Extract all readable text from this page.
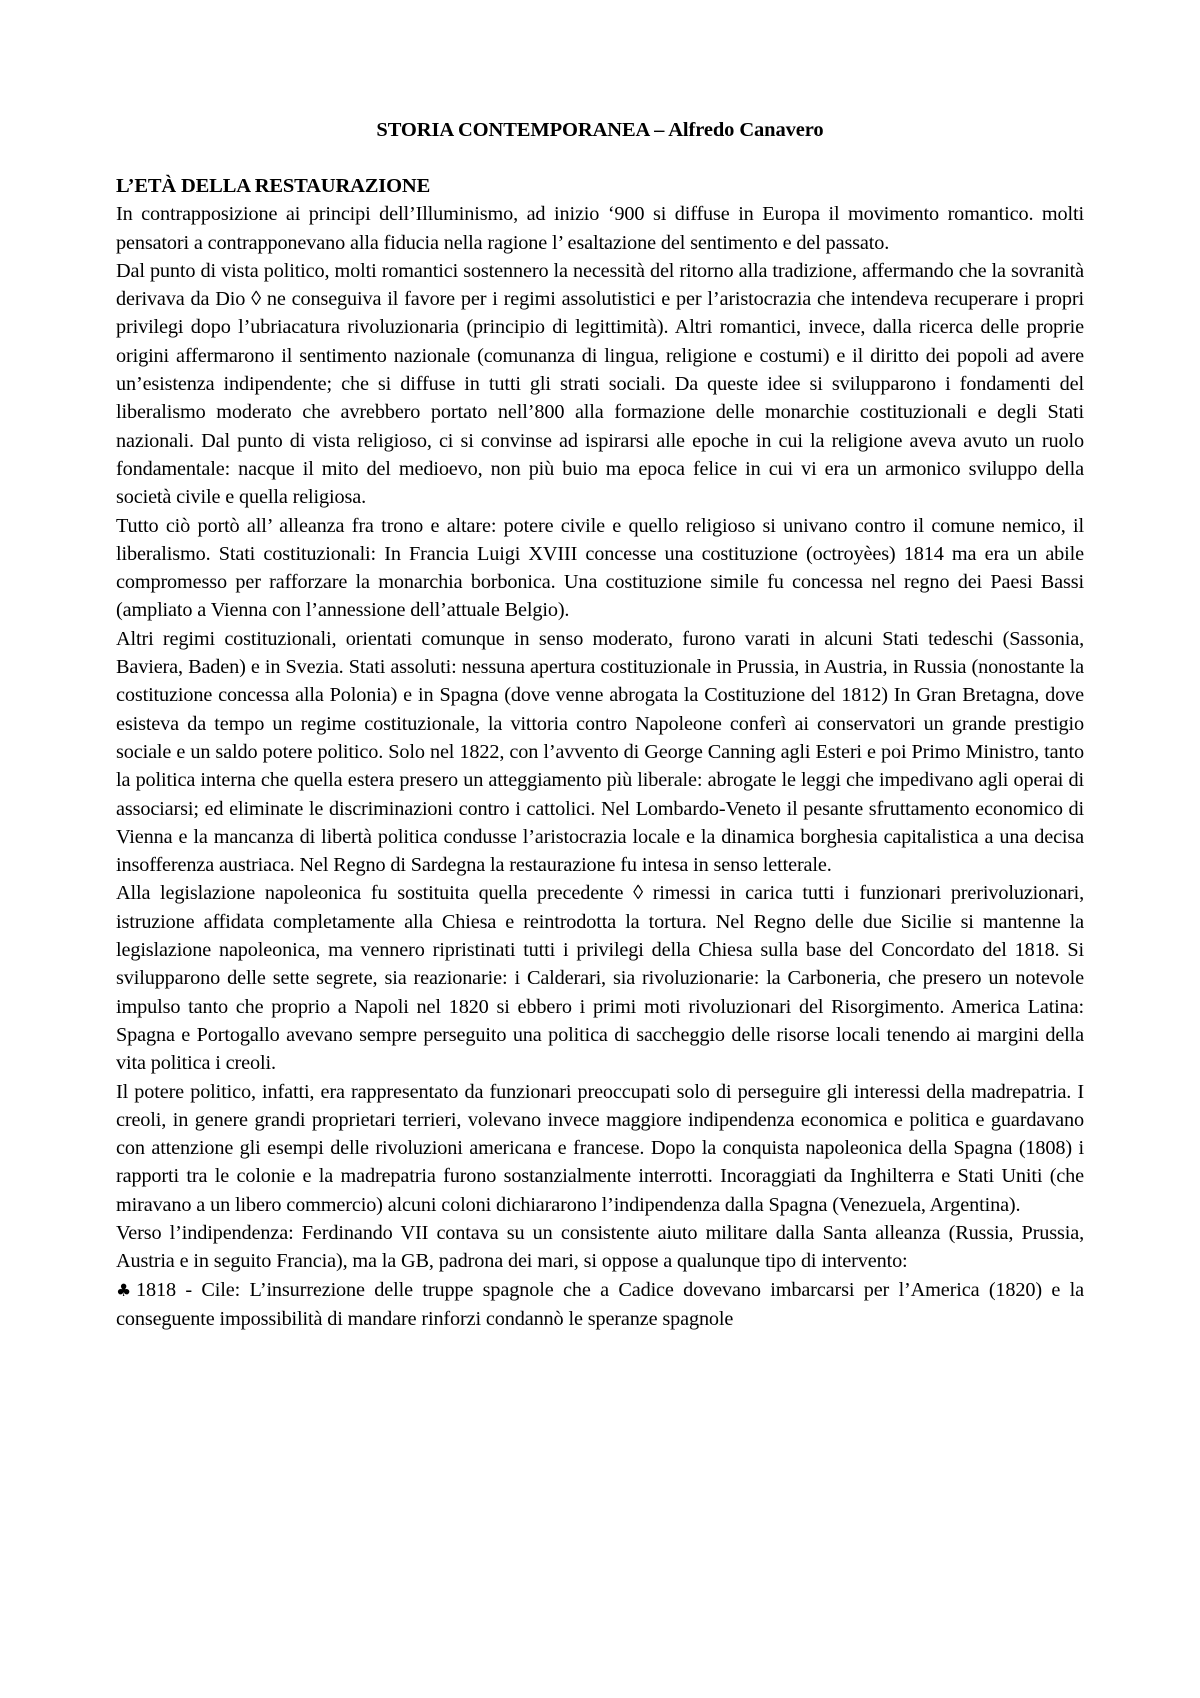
STORIA CONTEMPORANEA – Alfredo Canavero

L’ETÀ DELLA RESTAURAZIONE

In contrapposizione ai principi dell’Illuminismo, ad inizio ‘900 si diffuse in Europa il movimento romantico. molti pensatori a contrapponevano alla fiducia nella ragione l’ esaltazione del sentimento e del passato.

Dal punto di vista politico, molti romantici sostennero la necessità del ritorno alla tradizione, affermando che la sovranità derivava da Dio ◊ ne conseguiva il favore per i regimi assolutistici e per l’aristocrazia che intendeva recuperare i propri privilegi dopo l’ubriacatura rivoluzionaria (principio di legittimità). Altri romantici, invece, dalla ricerca delle proprie origini affermarono il sentimento nazionale (comunanza di lingua, religione e costumi) e il diritto dei popoli ad avere un’esistenza indipendente; che si diffuse in tutti gli strati sociali. Da queste idee si svilupparono i fondamenti del liberalismo moderato che avrebbero portato nell’800 alla formazione delle monarchie costituzionali e degli Stati nazionali. Dal punto di vista religioso, ci si convinse ad ispirarsi alle epoche in cui la religione aveva avuto un ruolo fondamentale: nacque il mito del medioevo, non più buio ma epoca felice in cui vi era un armonico sviluppo della società civile e quella religiosa.

Tutto ciò portò all’ alleanza fra trono e altare: potere civile e quello religioso si univano contro il comune nemico, il liberalismo. Stati costituzionali: In Francia Luigi XVIII concesse una costituzione (octroyèes) 1814 ma era un abile compromesso per rafforzare la monarchia borbonica. Una costituzione simile fu concessa nel regno dei Paesi Bassi (ampliato a Vienna con l’annessione dell’attuale Belgio).

Altri regimi costituzionali, orientati comunque in senso moderato, furono varati in alcuni Stati tedeschi (Sassonia, Baviera, Baden) e in Svezia. Stati assoluti: nessuna apertura costituzionale in Prussia, in Austria, in Russia (nonostante la costituzione concessa alla Polonia) e in Spagna (dove venne abrogata la Costituzione del 1812) In Gran Bretagna, dove esisteva da tempo un regime costituzionale, la vittoria contro Napoleone conferì ai conservatori un grande prestigio sociale e un saldo potere politico. Solo nel 1822, con l’avvento di George Canning agli Esteri e poi Primo Ministro, tanto la politica interna che quella estera presero un atteggiamento più liberale: abrogate le leggi che impedivano agli operai di associarsi; ed eliminate le discriminazioni contro i cattolici. Nel Lombardo-Veneto il pesante sfruttamento economico di Vienna e la mancanza di libertà politica condusse l’aristocrazia locale e la dinamica borghesia capitalistica a una decisa insofferenza austriaca. Nel Regno di Sardegna la restaurazione fu intesa in senso letterale.

Alla legislazione napoleonica fu sostituita quella precedente ◊ rimessi in carica tutti i funzionari prerivoluzionari, istruzione affidata completamente alla Chiesa e reintrodotta la tortura. Nel Regno delle due Sicilie si mantenne la legislazione napoleonica, ma vennero ripristinati tutti i privilegi della Chiesa sulla base del Concordato del 1818. Si svilupparono delle sette segrete, sia reazionarie: i Calderari, sia rivoluzionarie: la Carboneria, che presero un notevole impulso tanto che proprio a Napoli nel 1820 si ebbero i primi moti rivoluzionari del Risorgimento. America Latina: Spagna e Portogallo avevano sempre perseguito una politica di saccheggio delle risorse locali tenendo ai margini della vita politica i creoli.

Il potere politico, infatti, era rappresentato da funzionari preoccupati solo di perseguire gli interessi della madrepatria. I creoli, in genere grandi proprietari terrieri, volevano invece maggiore indipendenza economica e politica e guardavano con attenzione gli esempi delle rivoluzioni americana e francese. Dopo la conquista napoleonica della Spagna (1808) i rapporti tra le colonie e la madrepatria furono sostanzialmente interrotti. Incoraggiati da Inghilterra e Stati Uniti (che miravano a un libero commercio) alcuni coloni dichiararono l’indipendenza dalla Spagna (Venezuela, Argentina).

Verso l’indipendenza: Ferdinando VII contava su un consistente aiuto militare dalla Santa alleanza (Russia, Prussia, Austria e in seguito Francia), ma la GB, padrona dei mari, si oppose a qualunque tipo di intervento:

♣ 1818 - Cile: L’insurrezione delle truppe spagnole che a Cadice dovevano imbarcarsi per l’America (1820) e la conseguente impossibilità di mandare rinforzi condannò le speranze spagnole
